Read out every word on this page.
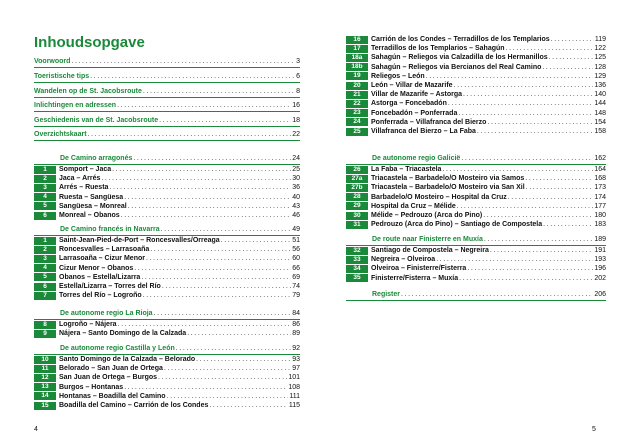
Inhoudsopgave
Voorwoord .....	3
Toeristische tips .....	6
Wandelen op de St. Jacobsroute .....	8
Inlichtingen en adressen .....	16
Geschiedenis van de St. Jacobsroute .....	18
Overzichtskaart .....	22
De Camino arragonés .....	24
1	Somport – Jaca .....	25
2	Jaca – Arrés .....	30
3	Arrés – Ruesta .....	36
4	Ruesta – Sangüesa .....	40
5	Sangüesa – Monreal .....	43
6	Monreal – Obanos .....	46
De Camino francés in Navarra .....	49
1	Saint-Jean-Pied-de-Port – Roncesvalles/Orreaga .....	51
2	Roncesvalles – Larrasoaña .....	56
3	Larrasoaña – Cizur Menor .....	60
4	Cizur Menor – Obanos .....	66
5	Obanos – Estella/Lizarra .....	69
6	Estella/Lizarra – Torres del Río .....	74
7	Torres del Río – Logroño .....	79
De autonome regio La Rioja .....	84
8	Logroño – Nájera .....	86
9	Nájera – Santo Domingo de la Calzada .....	89
De autonome regio Castilla y León .....	92
10	Santo Domingo de la Calzada – Belorado .....	93
11	Belorado – San Juan de Ortega .....	97
12	San Juan de Ortega – Burgos .....	101
13	Burgos – Hontanas .....	108
14	Hontanas – Boadilla del Camino .....	111
15	Boadilla del Camino – Carrión de los Condes .....	115
4
16	Carrión de los Condes – Terradillos de los Templarios .....	119
17	Terradillos de los Templarios – Sahagún .....	122
18a	Sahagún – Reliegos via Calzadilla de los Hermanillos .....	125
18b	Sahagún – Reliegos via Bercianos del Real Camino .....	128
19	Reliegos – León .....	129
20	León – Villar de Mazarife .....	136
21	Villar de Mazarife – Astorga .....	140
22	Astorga – Foncebadón .....	144
23	Foncebadón – Ponferrada .....	148
24	Ponferrada – Villafranca del Bierzo .....	154
25	Villafranca del Bierzo – La Faba .....	158
De autonome regio Galicië .....	162
26	La Faba – Triacastela .....	164
27a	Triacastela – Barbadelo/O Mosteiro via Samos .....	168
27b	Triacastela – Barbadelo/O Mosteiro via San Xil .....	173
28	Barbadelo/O Mosteiro – Hospital da Cruz .....	174
29	Hospital da Cruz – Mélide .....	177
30	Mélide – Pedrouzo (Arca do Pino) .....	180
31	Pedrouzo (Arca do Pino) – Santiago de Compostela .....	183
De route naar Finisterre en Muxía .....	189
32	Santiago de Compostela – Negreira .....	191
33	Negreira – Olveiroa .....	193
34	Olveiroa – Finisterre/Fisterra .....	196
35	Finisterre/Fisterra – Muxía .....	202
Register .....	206
5
